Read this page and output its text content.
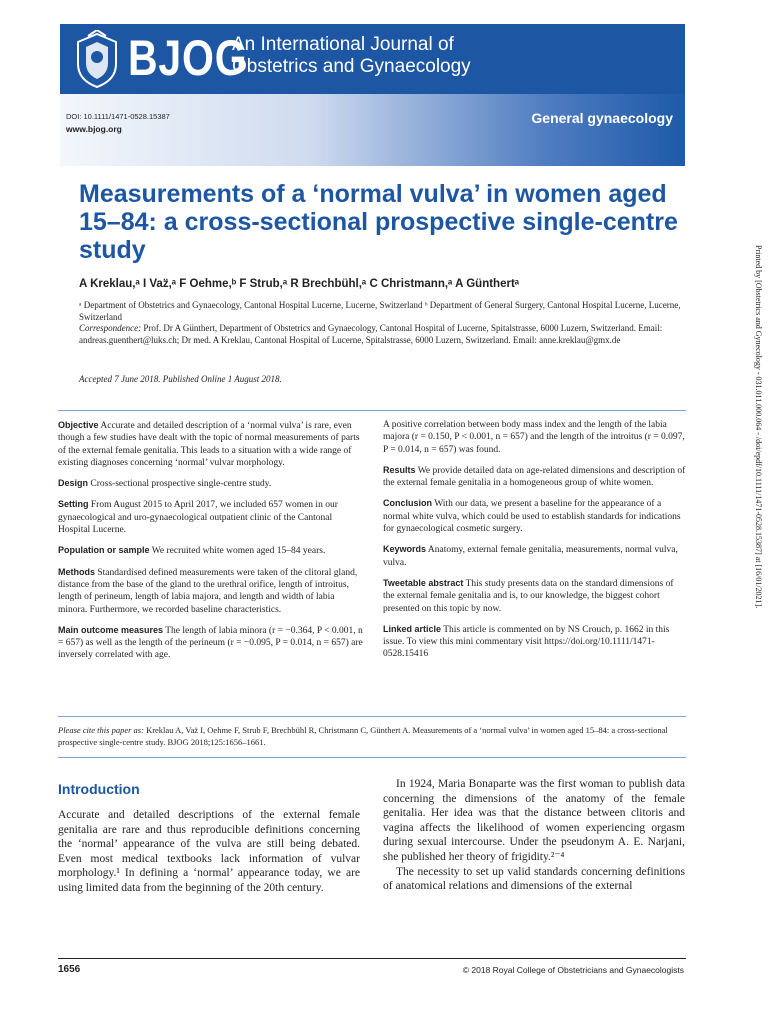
BJOG
An International Journal of
Obstetrics and Gynaecology
DOI: 10.1111/1471-0528.15387
www.bjog.org
General gynaecology
Measurements of a ‘normal vulva’ in women aged 15–84: a cross-sectional prospective single-centre study
A Kreklau,ᵃ I Vaz̈,ᵃ F Oehme,ᵇ F Strub,ᵃ R Brechbühl,ᵃ C Christmann,ᵃ A Günthertᵃ
ᵃ Department of Obstetrics and Gynaecology, Cantonal Hospital Lucerne, Lucerne, Switzerland ᵇ Department of General Surgery, Cantonal Hospital Lucerne, Lucerne, Switzerland
Correspondence: Prof. Dr A Günthert, Department of Obstetrics and Gynaecology, Cantonal Hospital of Lucerne, Spitalstrasse, 6000 Luzern, Switzerland. Email: andreas.guenthert@luks.ch; Dr med. A Kreklau, Cantonal Hospital of Lucerne, Spitalstrasse, 6000 Luzern, Switzerland. Email: anne.kreklau@gmx.de
Accepted 7 June 2018. Published Online 1 August 2018.	Printed by [Obstetrics and Gynecology - 031.011.000.064 - /doi/epdf/10.1111/1471-0528.15387] at [16/01/2021].

Objective Accurate and detailed description of a ‘normal vulva’ is rare, even though a few studies have dealt with the topic of normal measurements of parts of the external female genitalia. This leads to a situation with a wide range of existing diagnoses concerning ‘normal’ vulvar morphology.

Design Cross-sectional prospective single-centre study.

Setting From August 2015 to April 2017, we included 657 women in our gynaecological and uro-gynaecological outpatient clinic of the Cantonal Hospital Lucerne.

Population or sample We recruited white women aged 15–84 years.

Methods Standardised defined measurements were taken of the clitoral gland, distance from the base of the gland to the urethral orifice, length of introitus, length of perineum, length of labia majora, and length and width of labia minora. Furthermore, we recorded baseline characteristics.

Main outcome measures The length of labia minora (r = −0.364, P < 0.001, n = 657) as well as the length of the perineum (r = −0.095, P = 0.014, n = 657) are inversely correlated with age.

A positive correlation between body mass index and the length of the labia majora (r = 0.150, P < 0.001, n = 657) and the length of the introitus (r = 0.097, P = 0.014, n = 657) was found.

Results We provide detailed data on age-related dimensions and description of the external female genitalia in a homogeneous group of white women.

Conclusion With our data, we present a baseline for the appearance of a normal white vulva, which could be used to establish standards for indications for gynaecological cosmetic surgery.

Keywords Anatomy, external female genitalia, measurements, normal vulva, vulva.

Tweetable abstract This study presents data on the standard dimensions of the external female genitalia and is, to our knowledge, the biggest cohort presented on this topic by now.

Linked article This article is commented on by NS Crouch, p. 1662 in this issue. To view this mini commentary visit https://doi.org/10.1111/1471-0528.15416

Please cite this paper as: Kreklau A, Vaz̈ I, Oehme F, Strub F, Brechbühl R, Christmann C, Günthert A. Measurements of a ‘normal vulva’ in women aged 15–84: a cross-sectional prospective single-centre study. BJOG 2018;125:1656–1661.
Introduction

Accurate and detailed descriptions of the external female genitalia are rare and thus reproducible definitions concerning the ‘normal’ appearance of the vulva are still being debated. Even most medical textbooks lack information of vulvar morphology.¹ In defining a ‘normal’ appearance today, we are using limited data from the beginning of the 20th century.

In 1924, Maria Bonaparte was the first woman to publish data concerning the dimensions of the anatomy of the female genitalia. Her idea was that the distance between clitoris and vagina affects the likelihood of women experiencing orgasm during sexual intercourse. Under the pseudonym A. E. Narjani, she published her theory of frigidity.²⁻⁴

The necessity to set up valid standards concerning definitions of anatomical relations and dimensions of the external

1656	© 2018 Royal College of Obstetricians and Gynaecologists
